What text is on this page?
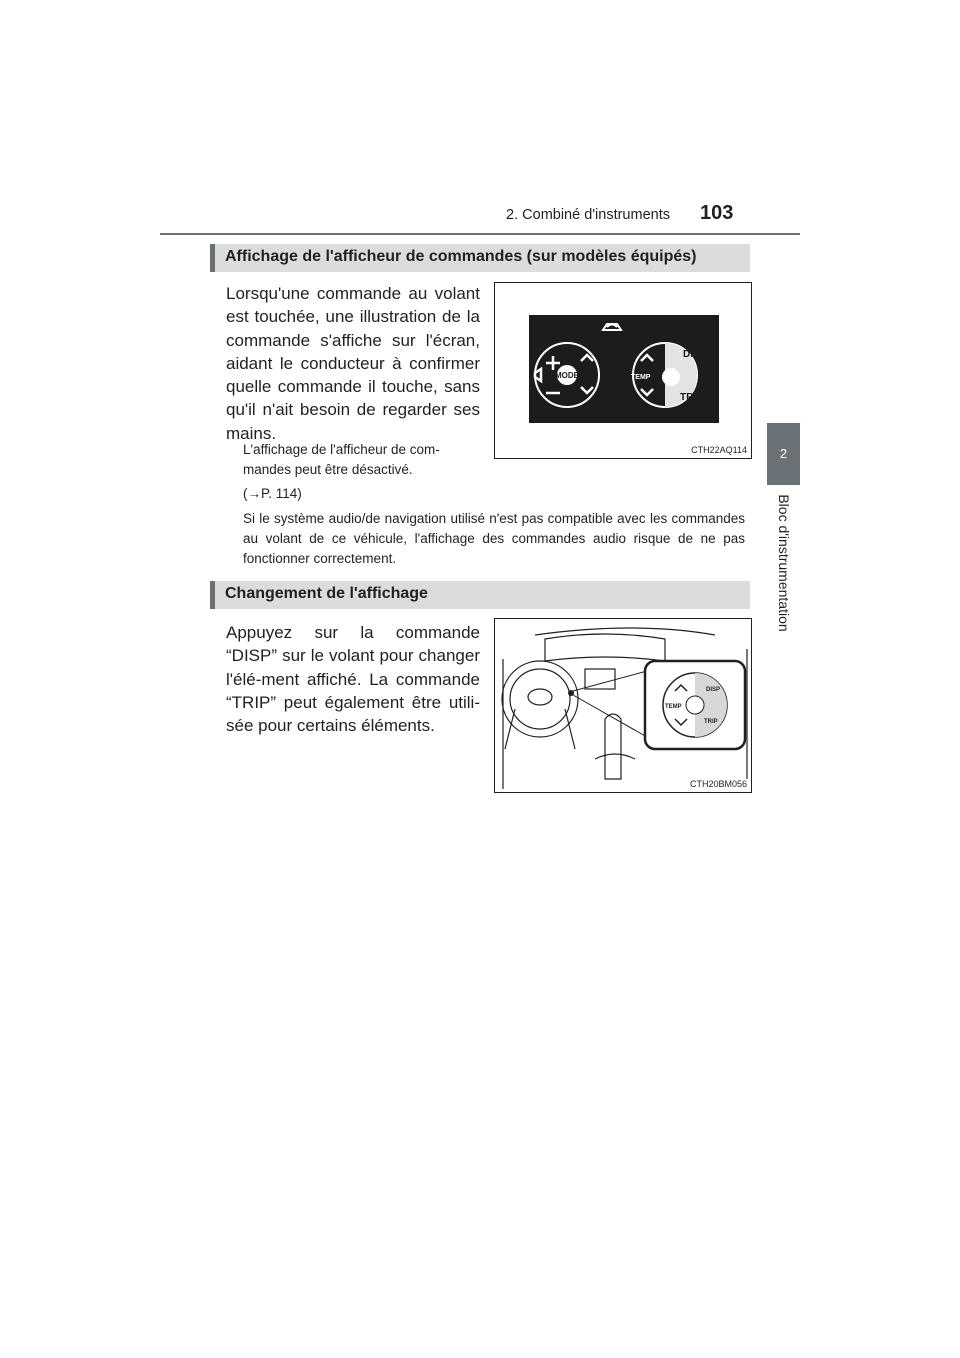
2. Combiné d'instruments 103
2
Bloc d'instrumentation
Affichage de l'afficheur de commandes (sur modèles équipés)
Lorsqu'une commande au volant est touchée, une illustration de la commande s'affiche sur l'écran, aidant le conducteur à confirmer quelle commande il touche, sans qu'il n'ait besoin de regarder ses mains.
L'affichage de l'afficheur de com-mandes peut être désactivé.
(→P. 114)
Si le système audio/de navigation utilisé n'est pas compatible avec les commandes au volant de ce véhicule, l'affichage des commandes audio risque de ne pas fonctionner correctement.
MODE
DISP
TRIP
TEMP
CTH22AQ114
Changement de l'affichage
Appuyez sur la commande “DISP” sur le volant pour changer l'élé-ment affiché. La commande “TRIP” peut également être utili-sée pour certains éléments.
DISP
TRIP
TEMP
CTH20BM056
